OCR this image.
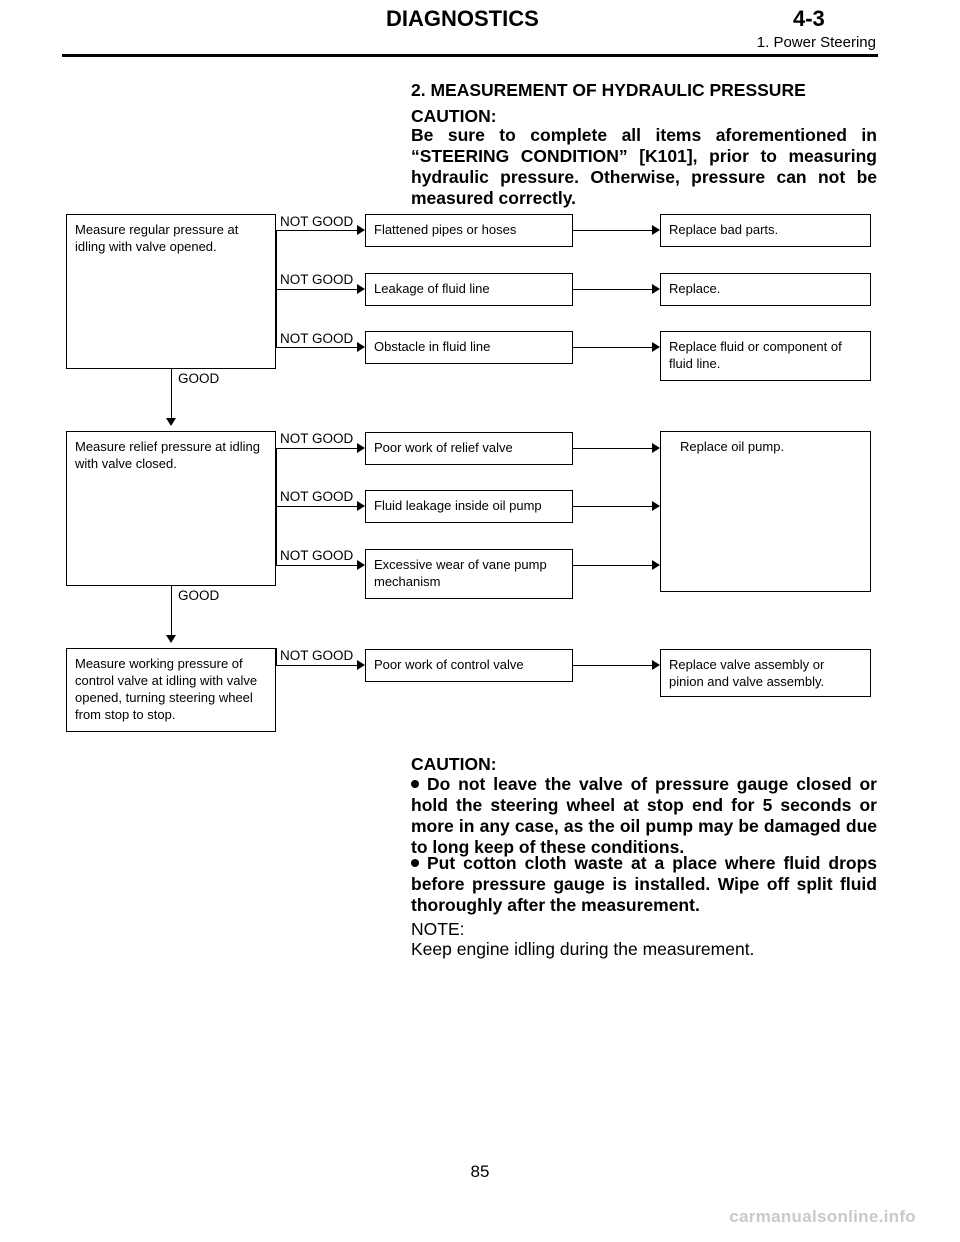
DIAGNOSTICS	4-3
1. Power Steering
2. MEASUREMENT OF HYDRAULIC PRESSURE
CAUTION:
Be sure to complete all items aforementioned in “STEERING CONDITION” [K101], prior to measuring hydraulic pressure. Otherwise, pressure can not be measured correctly.
Measure regular pressure at idling with valve opened.
GOOD
NOT GOOD
Flattened pipes or hoses	Replace bad parts.
NOT GOOD
Leakage of fluid line	Replace.
NOT GOOD
Obstacle in fluid line	Replace fluid or component of fluid line.
Measure relief pressure at idling with valve closed.
GOOD
NOT GOOD
Poor work of relief valve
NOT GOOD
Fluid leakage inside oil pump
NOT GOOD
Excessive wear of vane pump mechanism
Replace oil pump.
Measure working pressure of control valve at idling with valve opened, turning steering wheel from stop to stop.
NOT GOOD
Poor work of control valve	Replace valve assembly or pinion and valve assembly.
CAUTION:
Do not leave the valve of pressure gauge closed or hold the steering wheel at stop end for 5 seconds or more in any case, as the oil pump may be damaged due to long keep of these conditions.
Put cotton cloth waste at a place where fluid drops before pressure gauge is installed. Wipe off split fluid thoroughly after the measurement.
NOTE:
Keep engine idling during the measurement.
85
carmanualsonline.info
